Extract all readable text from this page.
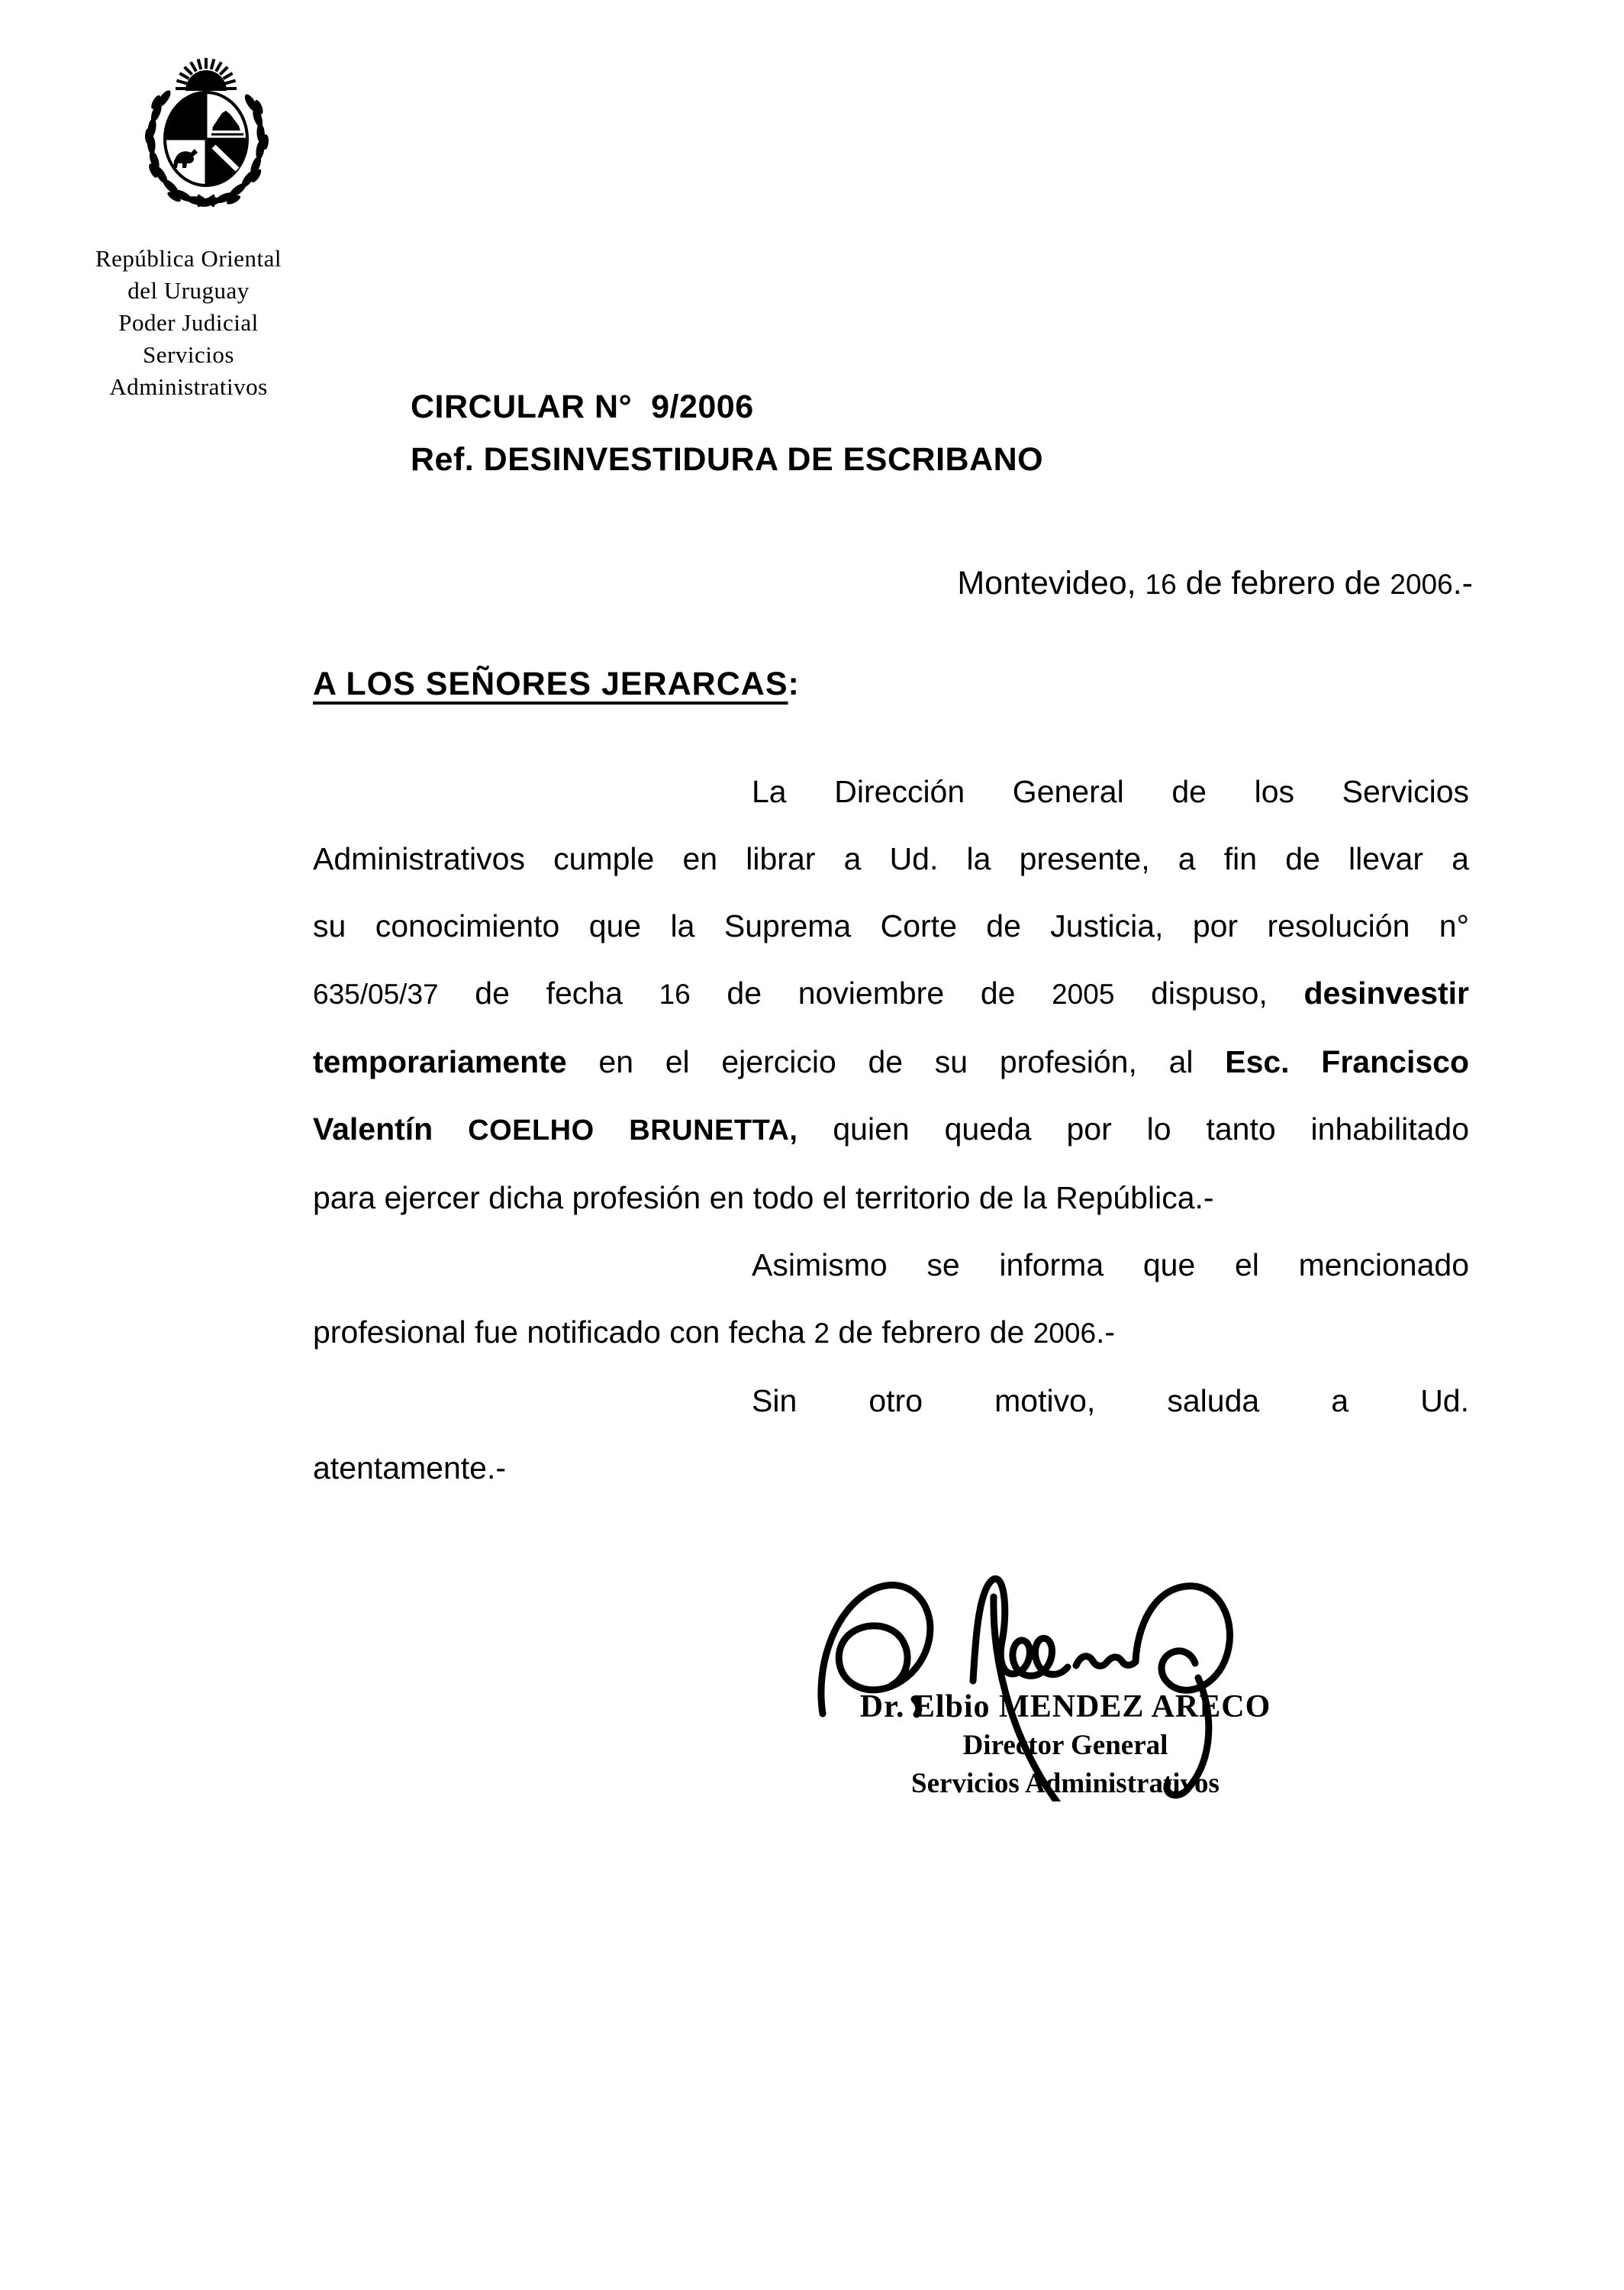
República Oriental
del Uruguay
Poder Judicial
Servicios
Administrativos
CIRCULAR N°  9/2006
Ref. DESINVESTIDURA DE ESCRIBANO
Montevideo, 16 de febrero de 2006.-
A LOS SEÑORES JERARCAS:
La Dirección General de los Servicios
Administrativos cumple en librar a Ud. la presente, a fin de llevar a
su conocimiento que la Suprema Corte de Justicia, por resolución n°
635/05/37 de fecha 16 de noviembre de 2005 dispuso, desinvestir
temporariamente en el ejercicio de su profesión, al Esc. Francisco
Valentín COELHO BRUNETTA, quien queda por lo tanto inhabilitado
para ejercer dicha profesión en todo el territorio de la República.-
Asimismo se informa que el mencionado
profesional fue notificado con fecha 2 de febrero de 2006.-
Sin otro motivo, saluda a Ud.
atentamente.-
Dr. Elbio MENDEZ ARECO
Director General
Servicios Administrativos
